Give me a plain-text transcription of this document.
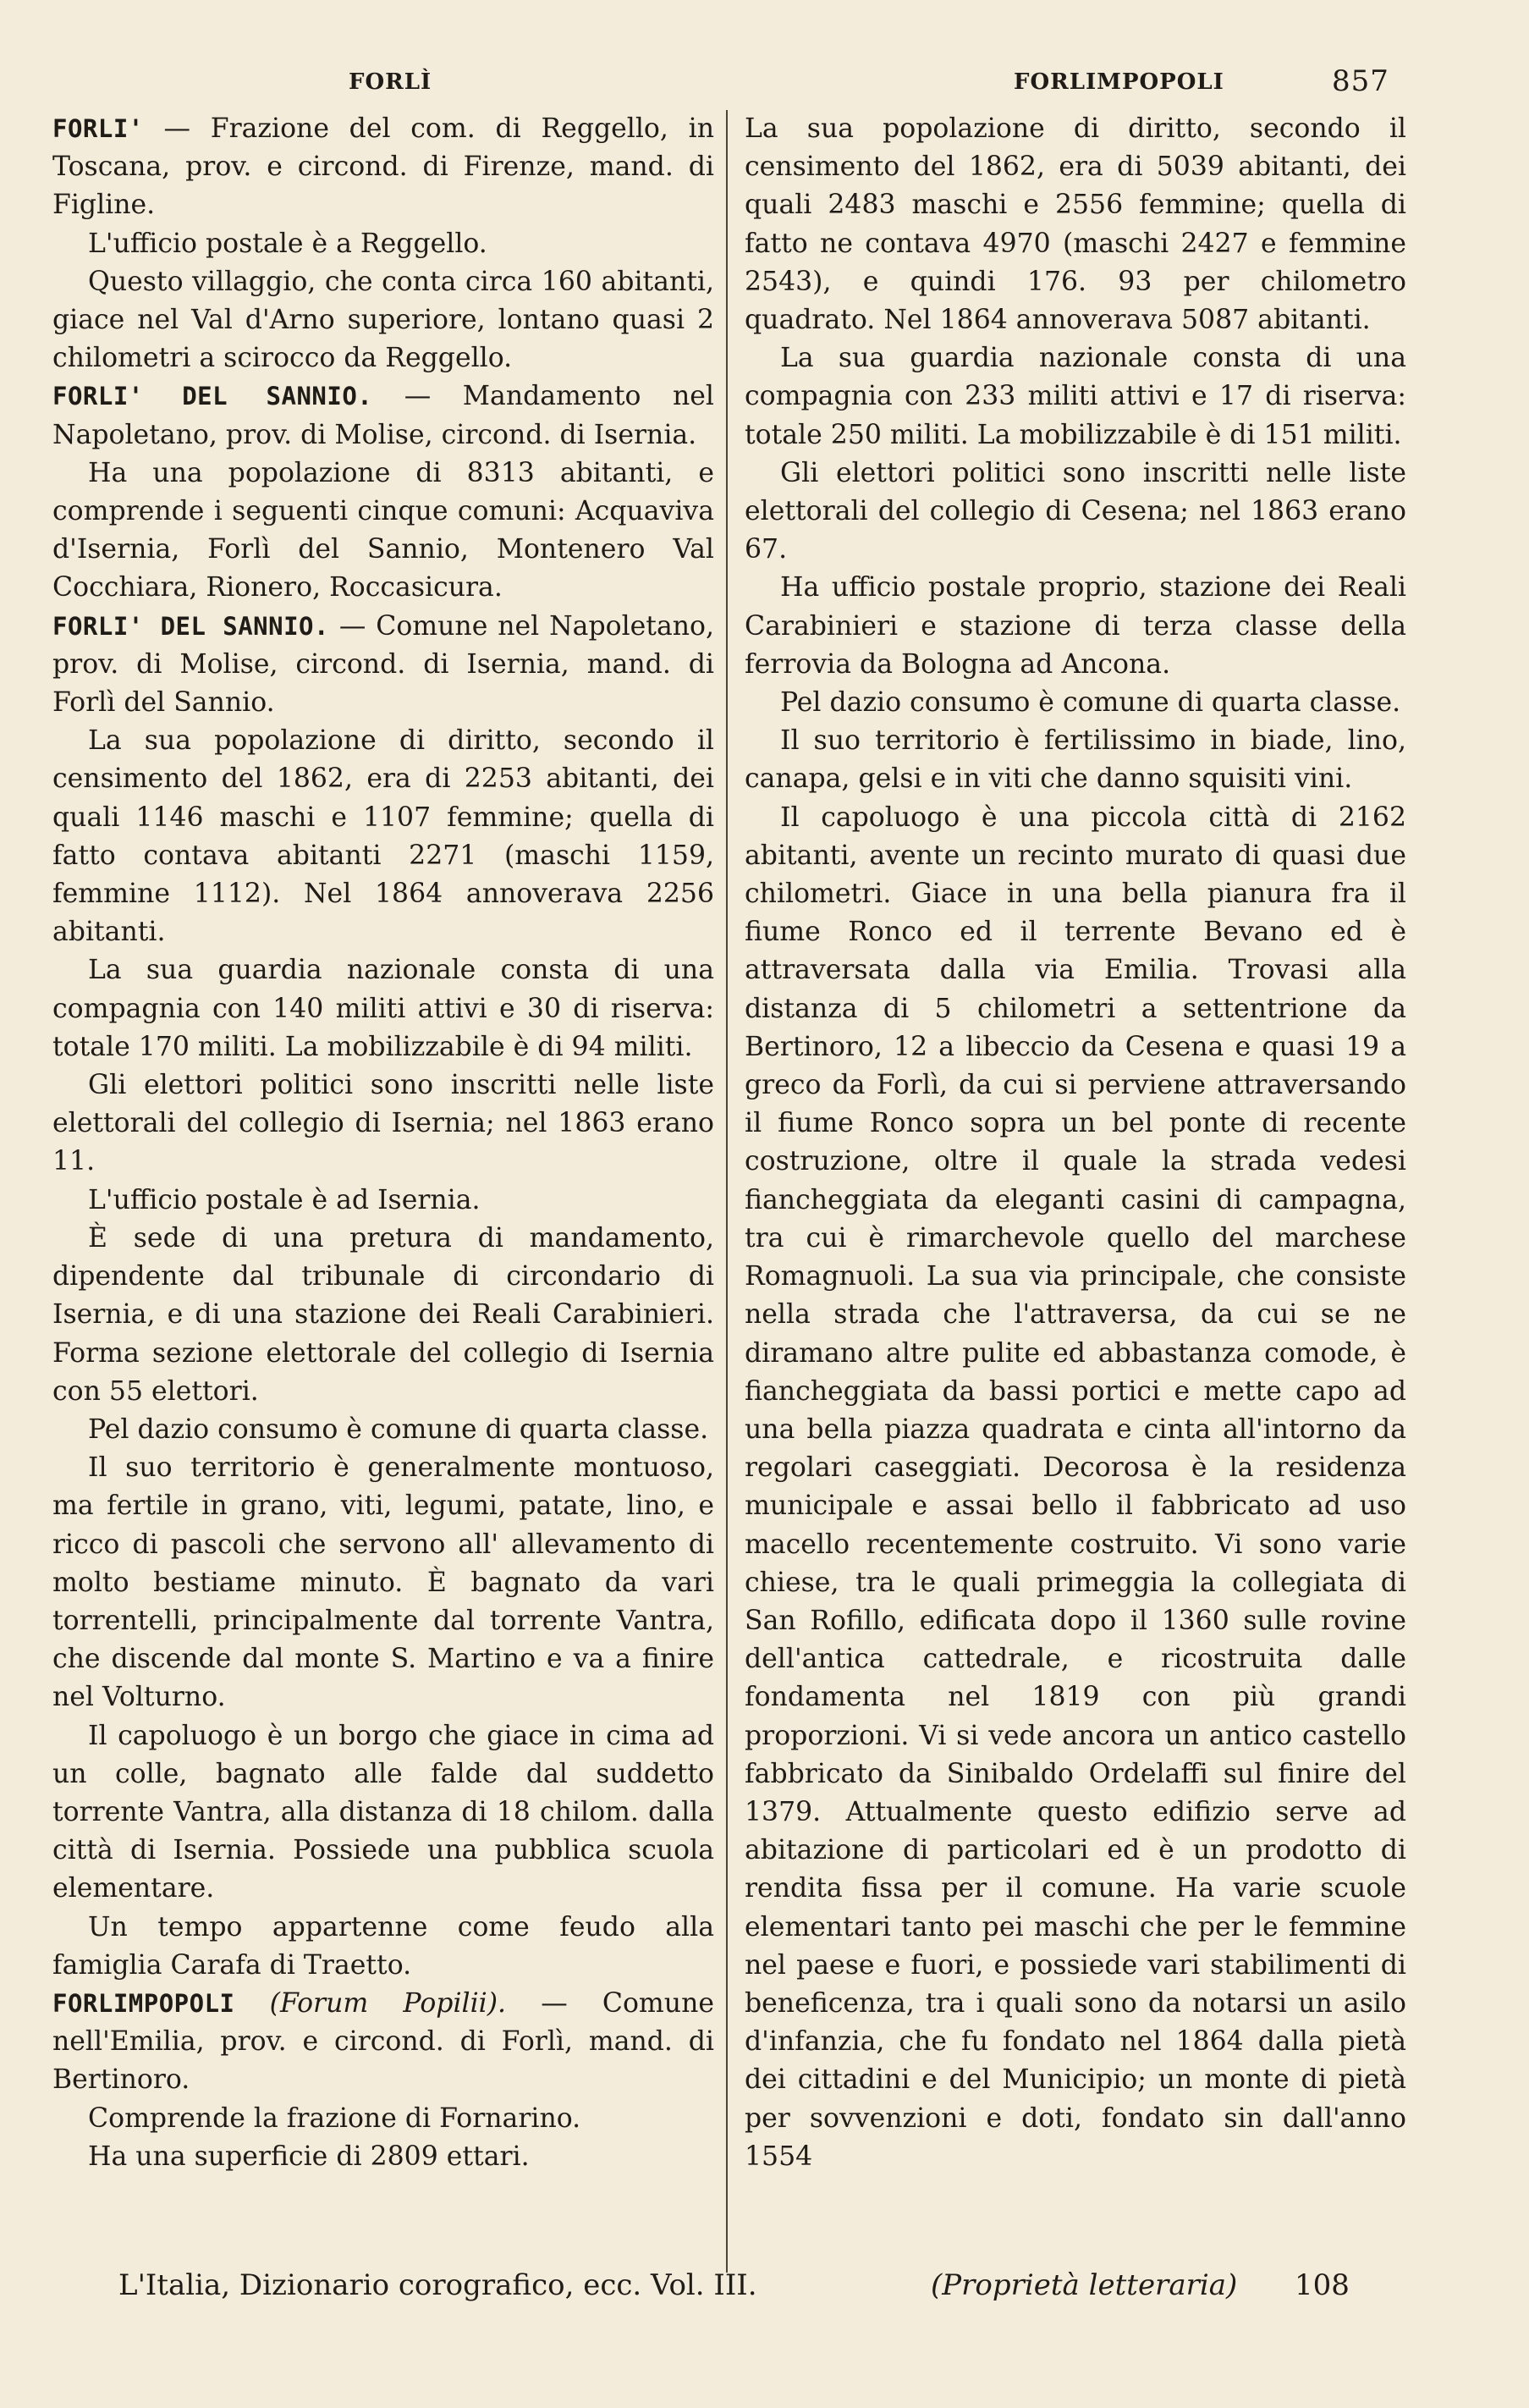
FORLÌ	FORLIMPOPOLI	857

FORLI' — Frazione del com. di Reggello, in Toscana, prov. e circond. di Firenze, mand. di Figline.

L'ufficio postale è a Reggello.

Questo villaggio, che conta circa 160 abitanti, giace nel Val d'Arno superiore, lontano quasi 2 chilometri a scirocco da Reggello.

FORLI' DEL SANNIO. — Mandamento nel Napoletano, prov. di Molise, circond. di Isernia.

Ha una popolazione di 8313 abitanti, e comprende i seguenti cinque comuni: Acquaviva d'Isernia, Forlì del Sannio, Montenero Val Cocchiara, Rionero, Roccasicura.

FORLI' DEL SANNIO. — Comune nel Napoletano, prov. di Molise, circond. di Isernia, mand. di Forlì del Sannio.

La sua popolazione di diritto, secondo il censimento del 1862, era di 2253 abitanti, dei quali 1146 maschi e 1107 femmine; quella di fatto contava abitanti 2271 (maschi 1159, femmine 1112). Nel 1864 annoverava 2256 abitanti.

La sua guardia nazionale consta di una compagnia con 140 militi attivi e 30 di riserva: totale 170 militi. La mobilizzabile è di 94 militi.

Gli elettori politici sono inscritti nelle liste elettorali del collegio di Isernia; nel 1863 erano 11.

L'ufficio postale è ad Isernia.

È sede di una pretura di mandamento, dipendente dal tribunale di circondario di Isernia, e di una stazione dei Reali Carabinieri. Forma sezione elettorale del collegio di Isernia con 55 elettori.

Pel dazio consumo è comune di quarta classe.

Il suo territorio è generalmente montuoso, ma fertile in grano, viti, legumi, patate, lino, e ricco di pascoli che servono all' allevamento di molto bestiame minuto. È bagnato da vari torrentelli, principalmente dal torrente Vantra, che discende dal monte S. Martino e va a finire nel Volturno.

Il capoluogo è un borgo che giace in cima ad un colle, bagnato alle falde dal suddetto torrente Vantra, alla distanza di 18 chilom. dalla città di Isernia. Possiede una pubblica scuola elementare.

Un tempo appartenne come feudo alla famiglia Carafa di Traetto.

FORLIMPOPOLI (Forum Popilii). — Comune nell'Emilia, prov. e circond. di Forlì, mand. di Bertinoro.

Comprende la frazione di Fornarino.

Ha una superficie di 2809 ettari.

La sua popolazione di diritto, secondo il censimento del 1862, era di 5039 abitanti, dei quali 2483 maschi e 2556 femmine; quella di fatto ne contava 4970 (maschi 2427 e femmine 2543), e quindi 176. 93 per chilometro quadrato. Nel 1864 annoverava 5087 abitanti.

La sua guardia nazionale consta di una compagnia con 233 militi attivi e 17 di riserva: totale 250 militi. La mobilizzabile è di 151 militi.

Gli elettori politici sono inscritti nelle liste elettorali del collegio di Cesena; nel 1863 erano 67.

Ha ufficio postale proprio, stazione dei Reali Carabinieri e stazione di terza classe della ferrovia da Bologna ad Ancona.

Pel dazio consumo è comune di quarta classe.

Il suo territorio è fertilissimo in biade, lino, canapa, gelsi e in viti che danno squisiti vini.

Il capoluogo è una piccola città di 2162 abitanti, avente un recinto murato di quasi due chilometri. Giace in una bella pianura fra il fiume Ronco ed il terrente Bevano ed è attraversata dalla via Emilia. Trovasi alla distanza di 5 chilometri a settentrione da Bertinoro, 12 a libeccio da Cesena e quasi 19 a greco da Forlì, da cui si perviene attraversando il fiume Ronco sopra un bel ponte di recente costruzione, oltre il quale la strada vedesi fiancheggiata da eleganti casini di campagna, tra cui è rimarchevole quello del marchese Romagnuoli. La sua via principale, che consiste nella strada che l'attraversa, da cui se ne diramano altre pulite ed abbastanza comode, è fiancheggiata da bassi portici e mette capo ad una bella piazza quadrata e cinta all'intorno da regolari caseggiati. Decorosa è la residenza municipale e assai bello il fabbricato ad uso macello recentemente costruito. Vi sono varie chiese, tra le quali primeggia la collegiata di San Rofillo, edificata dopo il 1360 sulle rovine dell'antica cattedrale, e ricostruita dalle fondamenta nel 1819 con più grandi proporzioni. Vi si vede ancora un antico castello fabbricato da Sinibaldo Ordelaffi sul finire del 1379. Attualmente questo edifizio serve ad abitazione di particolari ed è un prodotto di rendita fissa per il comune. Ha varie scuole elementari tanto pei maschi che per le femmine nel paese e fuori, e possiede vari stabilimenti di beneficenza, tra i quali sono da notarsi un asilo d'infanzia, che fu fondato nel 1864 dalla pietà dei cittadini e del Municipio; un monte di pietà per sovvenzioni e doti, fondato sin dall'anno 1554

L'Italia, Dizionario corografico, ecc. Vol. III.	(Proprietà letteraria) 108
